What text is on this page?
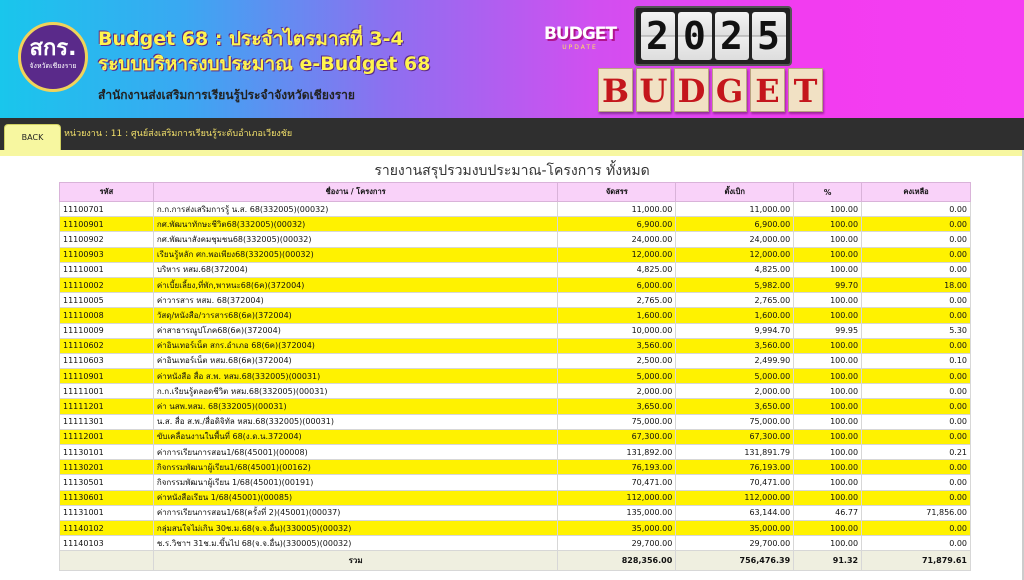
สกร.
จังหวัดเชียงราย
Budget 68 : ประจำไตรมาสที่ 3-4
ระบบบริหารงบประมาณ e-Budget 68
สำนักงานส่งเสริมการเรียนรู้ประจำจังหวัดเชียงราย
BUDGET
UPDATE	2 0 2 5
B U D G E T
BACK	หน่วยงาน : 11 : ศูนย์ส่งเสริมการเรียนรู้ระดับอำเภอเวียงชัย
รายงานสรุปรวมงบประมาณ-โครงการ ทั้งหมด
รหัส	ชื่องาน / โครงการ	จัดสรร	ตั้งเบิก	%	คงเหลือ
11100701	ก.ก.การส่งเสริมการรู้ น.ส. 68(332005)(00032)	11,000.00	11,000.00	100.00	0.00
11100901	กศ.พัฒนาทักษะชีวิต68(332005)(00032)	6,900.00	6,900.00	100.00	0.00
11100902	กศ.พัฒนาสังคมชุมชน68(332005)(00032)	24,000.00	24,000.00	100.00	0.00
11100903	เรียนรู้หลัก ศก.พอเพียง68(332005)(00032)	12,000.00	12,000.00	100.00	0.00
11110001	บริหาร หสม.68(372004)	4,825.00	4,825.00	100.00	0.00
11110002	ค่าเบี้ยเลี้ยง,ที่พัก,พาหนะ68(6ค)(372004)	6,000.00	5,982.00	99.70	18.00
11110005	ค่าวารสาร หสม. 68(372004)	2,765.00	2,765.00	100.00	0.00
11110008	วัสดุ/หนังสือ/วารสาร68(6ค)(372004)	1,600.00	1,600.00	100.00	0.00
11110009	ค่าสาธารณูปโภค68(6ค)(372004)	10,000.00	9,994.70	99.95	5.30
11110602	ค่าอินเทอร์เน็ต สกร.อำเภอ 68(6ค)(372004)	3,560.00	3,560.00	100.00	0.00
11110603	ค่าอินเทอร์เน็ต หสม.68(6ค)(372004)	2,500.00	2,499.90	100.00	0.10
11110901	ค่าหนังสือ สื่อ ส.พ. หสม.68(332005)(00031)	5,000.00	5,000.00	100.00	0.00
11111001	ก.ก.เรียนรู้ตลอดชีวิต หสม.68(332005)(00031)	2,000.00	2,000.00	100.00	0.00
11111201	ค่า นสพ.หสม. 68(332005)(00031)	3,650.00	3,650.00	100.00	0.00
11111301	น.ส. สื่อ ส.พ./สื่อดิจิทัล หสม.68(332005)(00031)	75,000.00	75,000.00	100.00	0.00
11112001	ขับเคลื่อนงานในพื้นที่ 68(ง.ด.น.372004)	67,300.00	67,300.00	100.00	0.00
11130101	ค่าการเรียนการสอน1/68(45001)(00008)	131,892.00	131,891.79	100.00	0.21
11130201	กิจกรรมพัฒนาผู้เรียน1/68(45001)(00162)	76,193.00	76,193.00	100.00	0.00
11130501	กิจกรรมพัฒนาผู้เรียน 1/68(45001)(00191)	70,471.00	70,471.00	100.00	0.00
11130601	ค่าหนังสือเรียน 1/68(45001)(00085)	112,000.00	112,000.00	100.00	0.00
11131001	ค่าการเรียนการสอน1/68(ครั้งที่ 2)(45001)(00037)	135,000.00	63,144.00	46.77	71,856.00
11140102	กลุ่มสนใจไม่เกิน 30ช.ม.68(จ.จ.อื่น)(330005)(00032)	35,000.00	35,000.00	100.00	0.00
11140103	ช.ร.วิชาฯ 31ช.ม.ขึ้นไป 68(จ.จ.อื่น)(330005)(00032)	29,700.00	29,700.00	100.00	0.00
	รวม	828,356.00	756,476.39	91.32	71,879.61
